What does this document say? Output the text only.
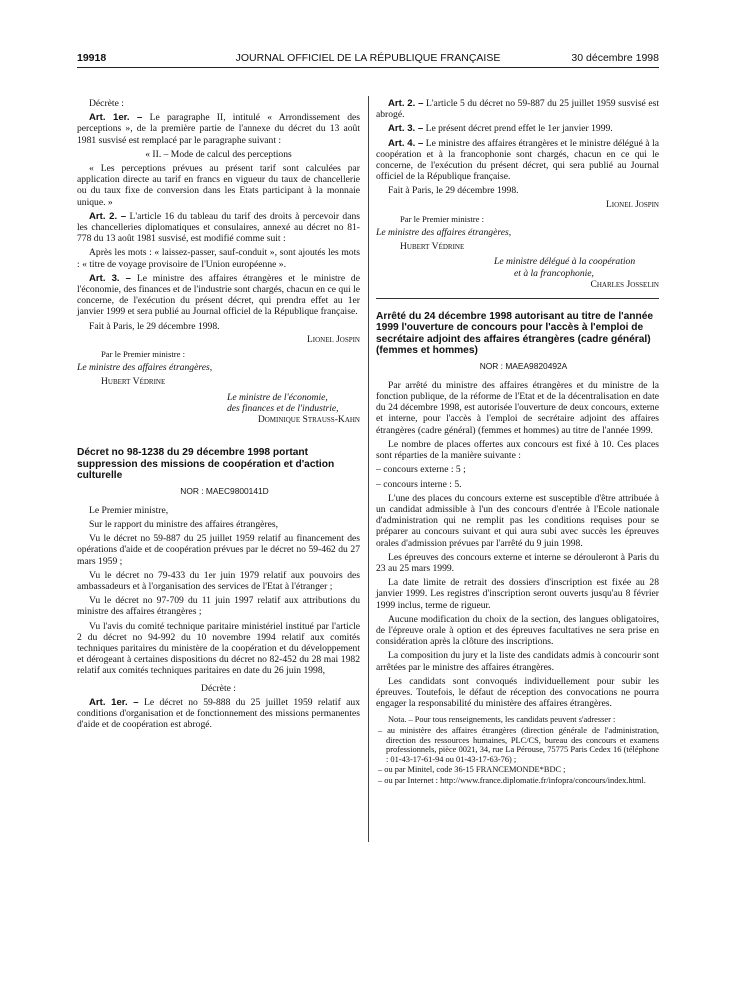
19918	JOURNAL OFFICIEL DE LA RÉPUBLIQUE FRANÇAISE	30 décembre 1998

Décrète :

Art. 1er. – Le paragraphe II, intitulé « Arrondissement des perceptions », de la première partie de l'annexe du décret du 13 août 1981 susvisé est remplacé par le paragraphe suivant :

« II. – Mode de calcul des perceptions

« Les perceptions prévues au présent tarif sont calculées par application directe au tarif en francs en vigueur du taux de chancellerie ou du taux fixe de conversion dans les Etats participant à la monnaie unique. »

Art. 2. – L'article 16 du tableau du tarif des droits à percevoir dans les chancelleries diplomatiques et consulaires, annexé au décret no 81-778 du 13 août 1981 susvisé, est modifié comme suit :

Après les mots : « laissez-passer, sauf-conduit », sont ajoutés les mots : « titre de voyage provisoire de l'Union européenne ».

Art. 3. – Le ministre des affaires étrangères et le ministre de l'économie, des finances et de l'industrie sont chargés, chacun en ce qui le concerne, de l'exécution du présent décret, qui prendra effet au 1er janvier 1999 et sera publié au Journal officiel de la République française.

Fait à Paris, le 29 décembre 1998.

Lionel Jospin

Par le Premier ministre :

Le ministre des affaires étrangères,

Hubert Védrine

Le ministre de l'économie,

des finances et de l'industrie,

Dominique Strauss-Kahn

Décret no 98-1238 du 29 décembre 1998 portant suppression des missions de coopération et d'action culturelle

NOR : MAEC9800141D

Le Premier ministre,

Sur le rapport du ministre des affaires étrangères,

Vu le décret no 59-887 du 25 juillet 1959 relatif au financement des opérations d'aide et de coopération prévues par le décret no 59-462 du 27 mars 1959 ;

Vu le décret no 79-433 du 1er juin 1979 relatif aux pouvoirs des ambassadeurs et à l'organisation des services de l'Etat à l'étranger ;

Vu le décret no 97-709 du 11 juin 1997 relatif aux attributions du ministre des affaires étrangères ;

Vu l'avis du comité technique paritaire ministériel institué par l'article 2 du décret no 94-992 du 10 novembre 1994 relatif aux comités techniques paritaires du ministère de la coopération et du développement et dérogeant à certaines dispositions du décret no 82-452 du 28 mai 1982 relatif aux comités techniques paritaires en date du 26 juin 1998,

Décrète :

Art. 1er. – Le décret no 59-888 du 25 juillet 1959 relatif aux conditions d'organisation et de fonctionnement des missions permanentes d'aide et de coopération est abrogé.

Art. 2. – L'article 5 du décret no 59-887 du 25 juillet 1959 susvisé est abrogé.

Art. 3. – Le présent décret prend effet le 1er janvier 1999.

Art. 4. – Le ministre des affaires étrangères et le ministre délégué à la coopération et à la francophonie sont chargés, chacun en ce qui le concerne, de l'exécution du présent décret, qui sera publié au Journal officiel de la République française.

Fait à Paris, le 29 décembre 1998.

Lionel Jospin

Par le Premier ministre :

Le ministre des affaires étrangères,

Hubert Védrine

Le ministre délégué à la coopération

et à la francophonie,

Charles Josselin

Arrêté du 24 décembre 1998 autorisant au titre de l'année 1999 l'ouverture de concours pour l'accès à l'emploi de secrétaire adjoint des affaires étrangères (cadre général) (femmes et hommes)

NOR : MAEA9820492A

Par arrêté du ministre des affaires étrangères et du ministre de la fonction publique, de la réforme de l'Etat et de la décentralisation en date du 24 décembre 1998, est autorisée l'ouverture de deux concours, externe et interne, pour l'accès à l'emploi de secrétaire adjoint des affaires étrangères (cadre général) (femmes et hommes) au titre de l'année 1999.

Le nombre de places offertes aux concours est fixé à 10. Ces places sont réparties de la manière suivante :

– concours externe : 5 ;

– concours interne : 5.

L'une des places du concours externe est susceptible d'être attribuée à un candidat admissible à l'un des concours d'entrée à l'Ecole nationale d'administration qui ne remplit pas les conditions requises pour se préparer au concours suivant et qui aura subi avec succès les épreuves orales d'admission prévues par l'arrêté du 9 juin 1998.

Les épreuves des concours externe et interne se dérouleront à Paris du 23 au 25 mars 1999.

La date limite de retrait des dossiers d'inscription est fixée au 28 janvier 1999. Les registres d'inscription seront ouverts jusqu'au 8 février 1999 inclus, terme de rigueur.

Aucune modification du choix de la section, des langues obligatoires, de l'épreuve orale à option et des épreuves facultatives ne sera prise en considération après la clôture des inscriptions.

La composition du jury et la liste des candidats admis à concourir sont arrêtées par le ministre des affaires étrangères.

Les candidats sont convoqués individuellement pour subir les épreuves. Toutefois, le défaut de réception des convocations ne pourra engager la responsabilité du ministère des affaires étrangères.

Nota. – Pour tous renseignements, les candidats peuvent s'adresser :

– au ministère des affaires étrangères (direction générale de l'administration, direction des ressources humaines, PLC/CS, bureau des concours et examens professionnels, pièce 0021, 34, rue La Pérouse, 75775 Paris Cedex 16 (téléphone : 01-43-17-61-94 ou 01-43-17-63-76) ;

– ou par Minitel, code 36-15 FRANCEMONDE*BDC ;

– ou par Internet : http://www.france.diplomatie.fr/infopra/concours/index.html.
